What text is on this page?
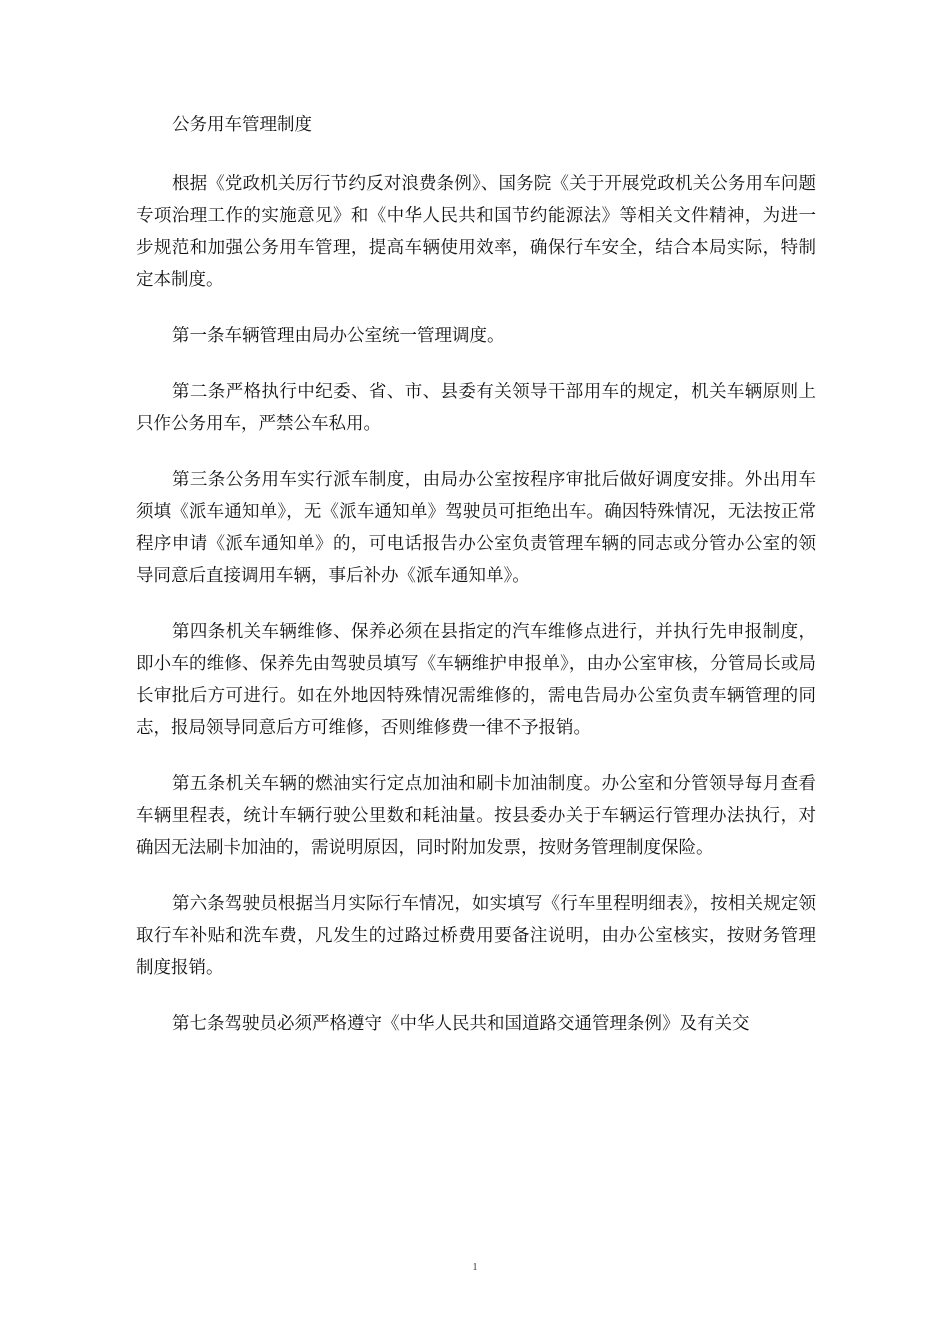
公务用车管理制度

根据《党政机关厉行节约反对浪费条例》、国务院《关于开展党政机关公务用车问题专项治理工作的实施意见》和《中华人民共和国节约能源法》等相关文件精神，为进一步规范和加强公务用车管理，提高车辆使用效率，确保行车安全，结合本局实际，特制定本制度。

第一条车辆管理由局办公室统一管理调度。

第二条严格执行中纪委、省、市、县委有关领导干部用车的规定，机关车辆原则上只作公务用车，严禁公车私用。

第三条公务用车实行派车制度，由局办公室按程序审批后做好调度安排。外出用车须填《派车通知单》，无《派车通知单》驾驶员可拒绝出车。确因特殊情况，无法按正常程序申请《派车通知单》的，可电话报告办公室负责管理车辆的同志或分管办公室的领导同意后直接调用车辆，事后补办《派车通知单》。

第四条机关车辆维修、保养必须在县指定的汽车维修点进行，并执行先申报制度，即小车的维修、保养先由驾驶员填写《车辆维护申报单》，由办公室审核，分管局长或局长审批后方可进行。如在外地因特殊情况需维修的，需电告局办公室负责车辆管理的同志，报局领导同意后方可维修，否则维修费一律不予报销。

第五条机关车辆的燃油实行定点加油和刷卡加油制度。办公室和分管领导每月查看车辆里程表，统计车辆行驶公里数和耗油量。按县委办关于车辆运行管理办法执行，对确因无法刷卡加油的，需说明原因，同时附加发票，按财务管理制度保险。

第六条驾驶员根据当月实际行车情况，如实填写《行车里程明细表》，按相关规定领取行车补贴和洗车费，凡发生的过路过桥费用要备注说明，由办公室核实，按财务管理制度报销。

第七条驾驶员必须严格遵守《中华人民共和国道路交通管理条例》及有关交

1
